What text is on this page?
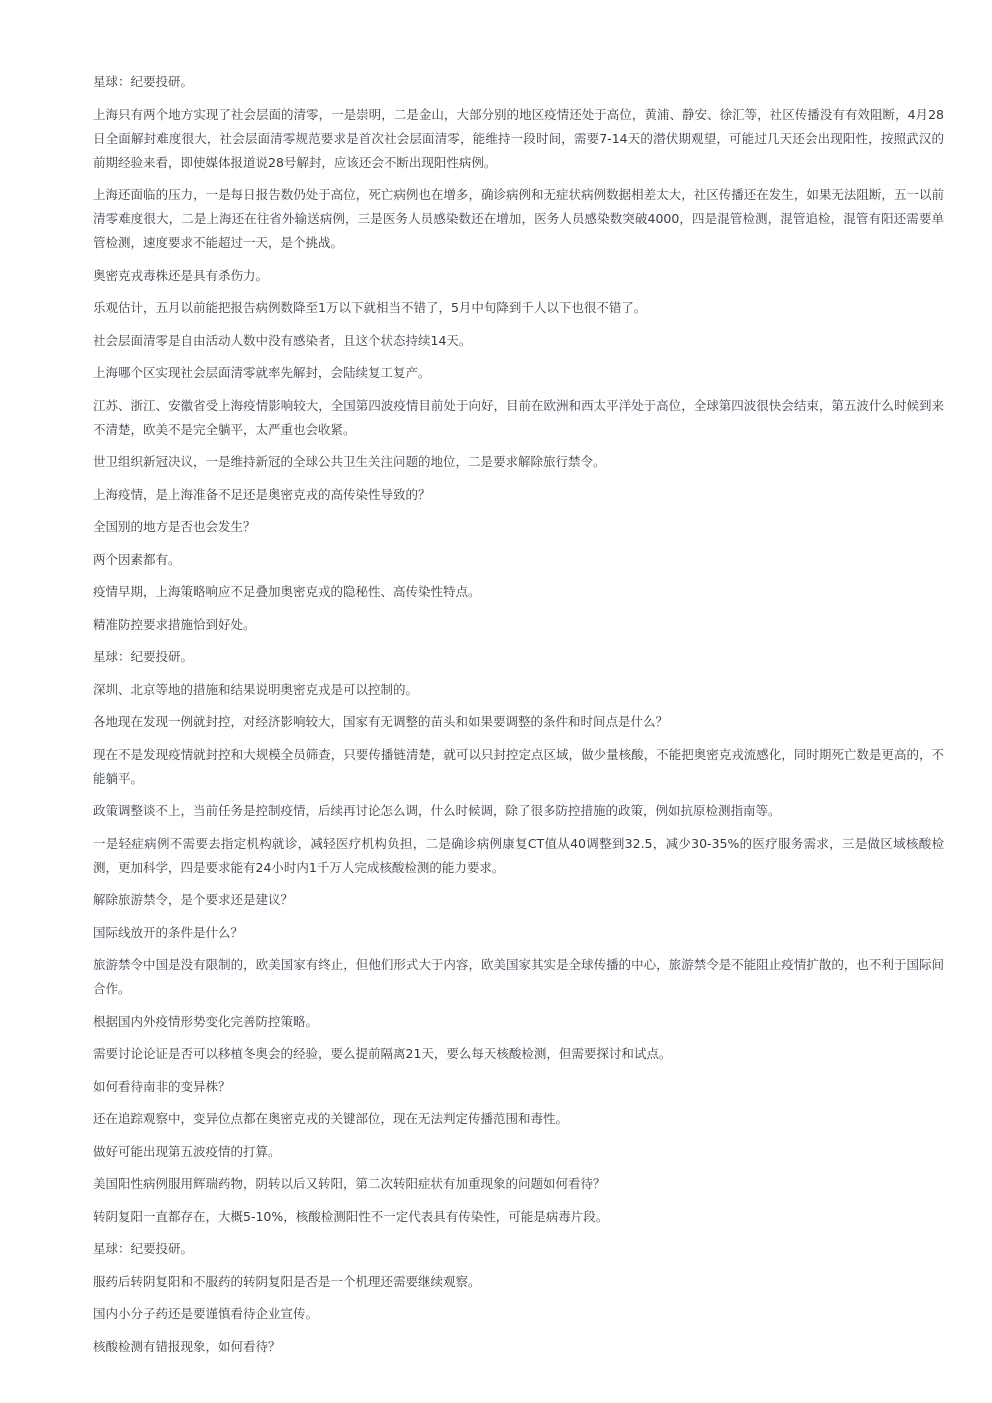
星球：纪要投研。

上海只有两个地方实现了社会层面的清零，一是崇明，二是金山，大部分别的地区疫情还处于高位，黄浦、静安、徐汇等，社区传播没有有效阻断，4月28日全面解封难度很大，社会层面清零规范要求是首次社会层面清零，能维持一段时间，需要7-14天的潜伏期观望，可能过几天还会出现阳性，按照武汉的前期经验来看，即使媒体报道说28号解封，应该还会不断出现阳性病例。

上海还面临的压力，一是每日报告数仍处于高位，死亡病例也在增多，确诊病例和无症状病例数据相差太大，社区传播还在发生，如果无法阻断，五一以前清零难度很大，二是上海还在往省外输送病例，三是医务人员感染数还在增加，医务人员感染数突破4000，四是混管检测，混管追检，混管有阳还需要单管检测，速度要求不能超过一天，是个挑战。

奥密克戎毒株还是具有杀伤力。

乐观估计，五月以前能把报告病例数降至1万以下就相当不错了，5月中旬降到千人以下也很不错了。

社会层面清零是自由活动人数中没有感染者，且这个状态持续14天。

上海哪个区实现社会层面清零就率先解封，会陆续复工复产。

江苏、浙江、安徽省受上海疫情影响较大，全国第四波疫情目前处于向好，目前在欧洲和西太平洋处于高位，全球第四波很快会结束，第五波什么时候到来不清楚，欧美不是完全躺平，太严重也会收紧。

世卫组织新冠决议，一是维持新冠的全球公共卫生关注问题的地位，二是要求解除旅行禁令。

上海疫情，是上海准备不足还是奥密克戎的高传染性导致的？

全国别的地方是否也会发生？

两个因素都有。

疫情早期，上海策略响应不足叠加奥密克戎的隐秘性、高传染性特点。

精准防控要求措施恰到好处。

星球：纪要投研。

深圳、北京等地的措施和结果说明奥密克戎是可以控制的。

各地现在发现一例就封控，对经济影响较大，国家有无调整的苗头和如果要调整的条件和时间点是什么？

现在不是发现疫情就封控和大规模全员筛查，只要传播链清楚，就可以只封控定点区域，做少量核酸，不能把奥密克戎流感化，同时期死亡数是更高的，不能躺平。

政策调整谈不上，当前任务是控制疫情，后续再讨论怎么调，什么时候调，除了很多防控措施的政策，例如抗原检测指南等。

一是轻症病例不需要去指定机构就诊，减轻医疗机构负担，二是确诊病例康复CT值从40调整到32.5，减少30-35%的医疗服务需求，三是做区域核酸检测，更加科学，四是要求能有24小时内1千万人完成核酸检测的能力要求。

解除旅游禁令，是个要求还是建议？

国际线放开的条件是什么？

旅游禁令中国是没有限制的，欧美国家有终止，但他们形式大于内容，欧美国家其实是全球传播的中心，旅游禁令是不能阻止疫情扩散的，也不利于国际间合作。

根据国内外疫情形势变化完善防控策略。

需要讨论论证是否可以移植冬奥会的经验，要么提前隔离21天，要么每天核酸检测，但需要探讨和试点。

如何看待南非的变异株？

还在追踪观察中，变异位点都在奥密克戎的关键部位，现在无法判定传播范围和毒性。

做好可能出现第五波疫情的打算。

美国阳性病例服用辉瑞药物，阴转以后又转阳，第二次转阳症状有加重现象的问题如何看待？

转阴复阳一直都存在，大概5-10%，核酸检测阳性不一定代表具有传染性，可能是病毒片段。

星球：纪要投研。

服药后转阴复阳和不服药的转阴复阳是否是一个机理还需要继续观察。

国内小分子药还是要谨慎看待企业宣传。

核酸检测有错报现象，如何看待？
